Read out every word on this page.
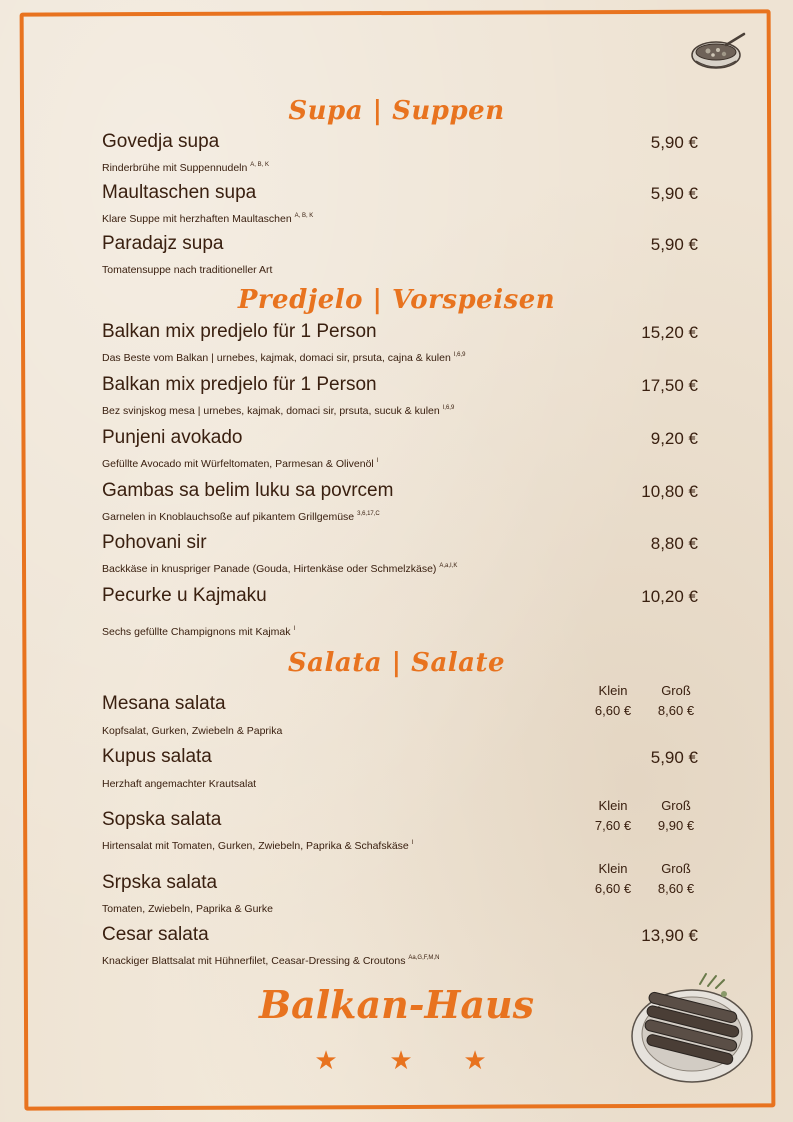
Supa | Suppen
Govedja supa	5,90 €
Rinderbrühe mit Suppennudeln $^{A, B, K}$
Maultaschen supa	5,90 €
Klare Suppe mit herzhaften Maultaschen $^{A, B, K}$
Paradajz supa	5,90 €
Tomatensuppe nach traditioneller Art
Predjelo | Vorspeisen
Balkan mix predjelo für 1 Person	15,20 €
Das Beste vom Balkan | urnebes, kajmak, domaci sir, prsuta, cajna & kulen $^{I,6,9}$
Balkan mix predjelo für 1 Person	17,50 €
Bez svinjskog mesa | urnebes, kajmak, domaci sir, prsuta, sucuk & kulen $^{I,6,9}$
Punjeni avokado	9,20 €
Gefüllte Avocado mit Würfeltomaten, Parmesan & Olivenöl $^I$
Gambas sa belim luku sa povrcem	10,80 €
Garnelen in Knoblauchsoße auf pikantem Grillgemüse $^{3,6,17,C}$
Pohovani sir	8,80 €
Backkäse in knuspriger Panade (Gouda, Hirtenkäse oder Schmelzkäse) $^{A,a,I,K}$
Pecurke u Kajmaku	10,20 €
Sechs gefüllte Champignons mit Kajmak $^I$
Salata | Salate
Klein	Groß
Mesana salata	6,60 €	8,60 €
Kopfsalat, Gurken, Zwiebeln & Paprika
Kupus salata	5,90 €
Herzhaft angemachter Krautsalat
Klein	Groß
Sopska salata	7,60 €	9,90 €
Hirtensalat mit Tomaten, Gurken, Zwiebeln, Paprika & Schafskäse $^I$
Klein	Groß
Srpska salata	6,60 €	8,60 €
Tomaten, Zwiebeln, Paprika & Gurke
Cesar salata	13,90 €
Knackiger Blattsalat mit Hühnerfilet, Ceasar-Dressing & Croutons $^{Aa,G,F,M,N}$
Balkan-Haus
★ ★ ★
